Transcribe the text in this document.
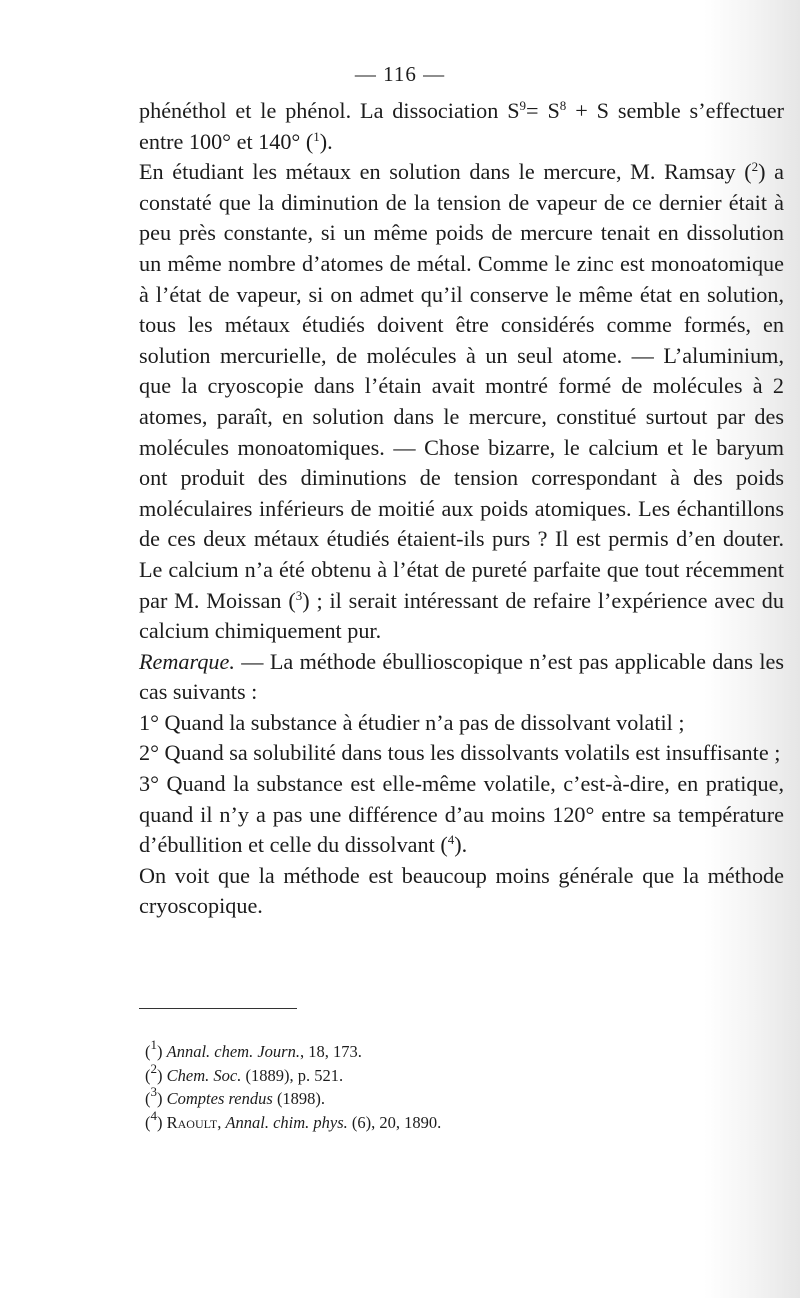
— 116 —

phénéthol et le phénol. La dissociation $S^9= S^8 + S$ semble s’effectuer entre 100° et 140° ($^1$).

En étudiant les métaux en solution dans le mercure, M. Ramsay ($^2$) a constaté que la diminution de la tension de vapeur de ce dernier était à peu près constante, si un même poids de mercure tenait en dissolution un même nombre d’atomes de métal. Comme le zinc est monoatomique à l’état de vapeur, si on admet qu’il conserve le même état en solution, tous les métaux étudiés doivent être considérés comme formés, en solution mercurielle, de molécules à un seul atome. — L’aluminium, que la cryoscopie dans l’étain avait montré formé de molécules à 2 atomes, paraît, en solution dans le mercure, constitué surtout par des molécules monoatomiques. — Chose bizarre, le calcium et le baryum ont produit des diminutions de tension correspondant à des poids moléculaires inférieurs de moitié aux poids atomiques. Les échantillons de ces deux métaux étudiés étaient-ils purs ? Il est permis d’en douter. Le calcium n’a été obtenu à l’état de pureté parfaite que tout récemment par M. Moissan ($^3$) ; il serait intéressant de refaire l’expérience avec du calcium chimiquement pur.

Remarque. — La méthode ébullioscopique n’est pas applicable dans les cas suivants :

1° Quand la substance à étudier n’a pas de dissolvant volatil ;

2° Quand sa solubilité dans tous les dissolvants volatils est insuffisante ;

3° Quand la substance est elle-même volatile, c’est-à-dire, en pratique, quand il n’y a pas une différence d’au moins 120° entre sa température d’ébullition et celle du dissolvant ($^4$).

On voit que la méthode est beaucoup moins générale que la méthode cryoscopique.

($^1$) Annal. chem. Journ., 18, 173.
($^2$) Chem. Soc. (1889), p. 521.
($^3$) Comptes rendus (1898).
($^4$) Raoult, Annal. chim. phys. (6), 20, 1890.
